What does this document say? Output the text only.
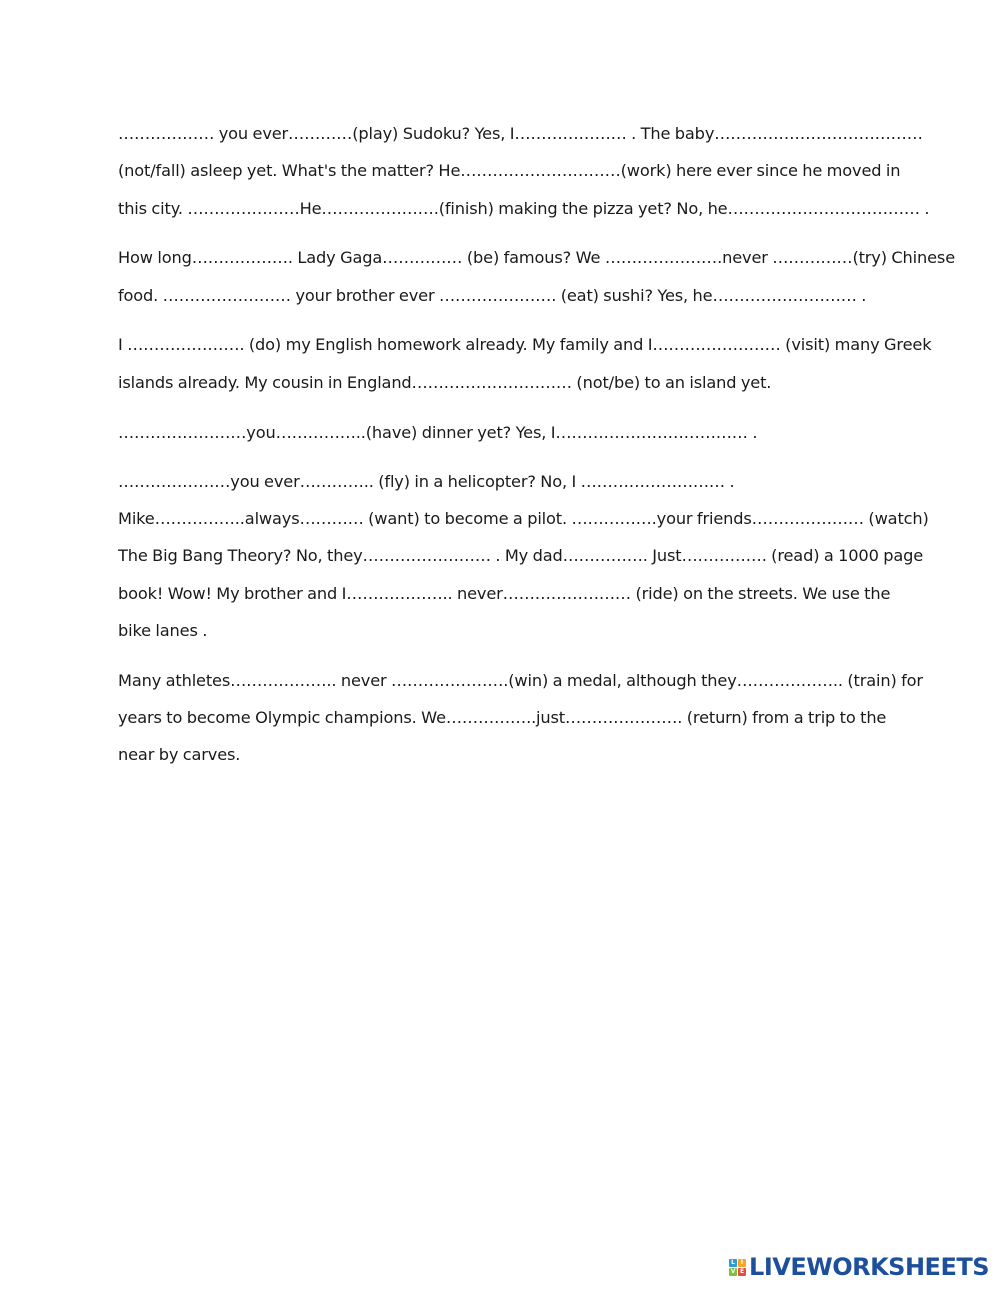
……………… you ever…………(play) Sudoku? Yes, I………………… . The baby…………………………………
(not/fall) asleep yet. What's the matter? He…………………………(work) here ever since he moved in
this city. …………………He………………….(finish) making the pizza yet? No, he……………………………… .
How long………………. Lady Gaga…………… (be) famous? We ………………….never ……………(try) Chinese
food. …………………… your brother ever …………………. (eat) sushi? Yes, he……………………… .
I …………………. (do) my English homework already. My family and I…………………… (visit) many Greek
islands already. My cousin in England………………………… (not/be) to an island yet.
……………………you……………..(have) dinner yet? Yes, I……………………………… .
…………………you ever………….. (fly) in a helicopter? No, I ……………………… .
Mike……………..always………… (want) to become a pilot. …………….your friends………………… (watch)
The Big Bang Theory? No, they…………………… . My dad……………. Just……………. (read) a 1000 page
book! Wow! My brother and I……………….. never…………………… (ride) on the streets. We use the
bike lanes .
Many athletes……………….. never ………………….(win) a medal, although they……………….. (train) for
years to become Olympic champions. We……………..just…………………. (return) from a trip to the
near by carves.
L I
V E LIVEWORKSHEETS
